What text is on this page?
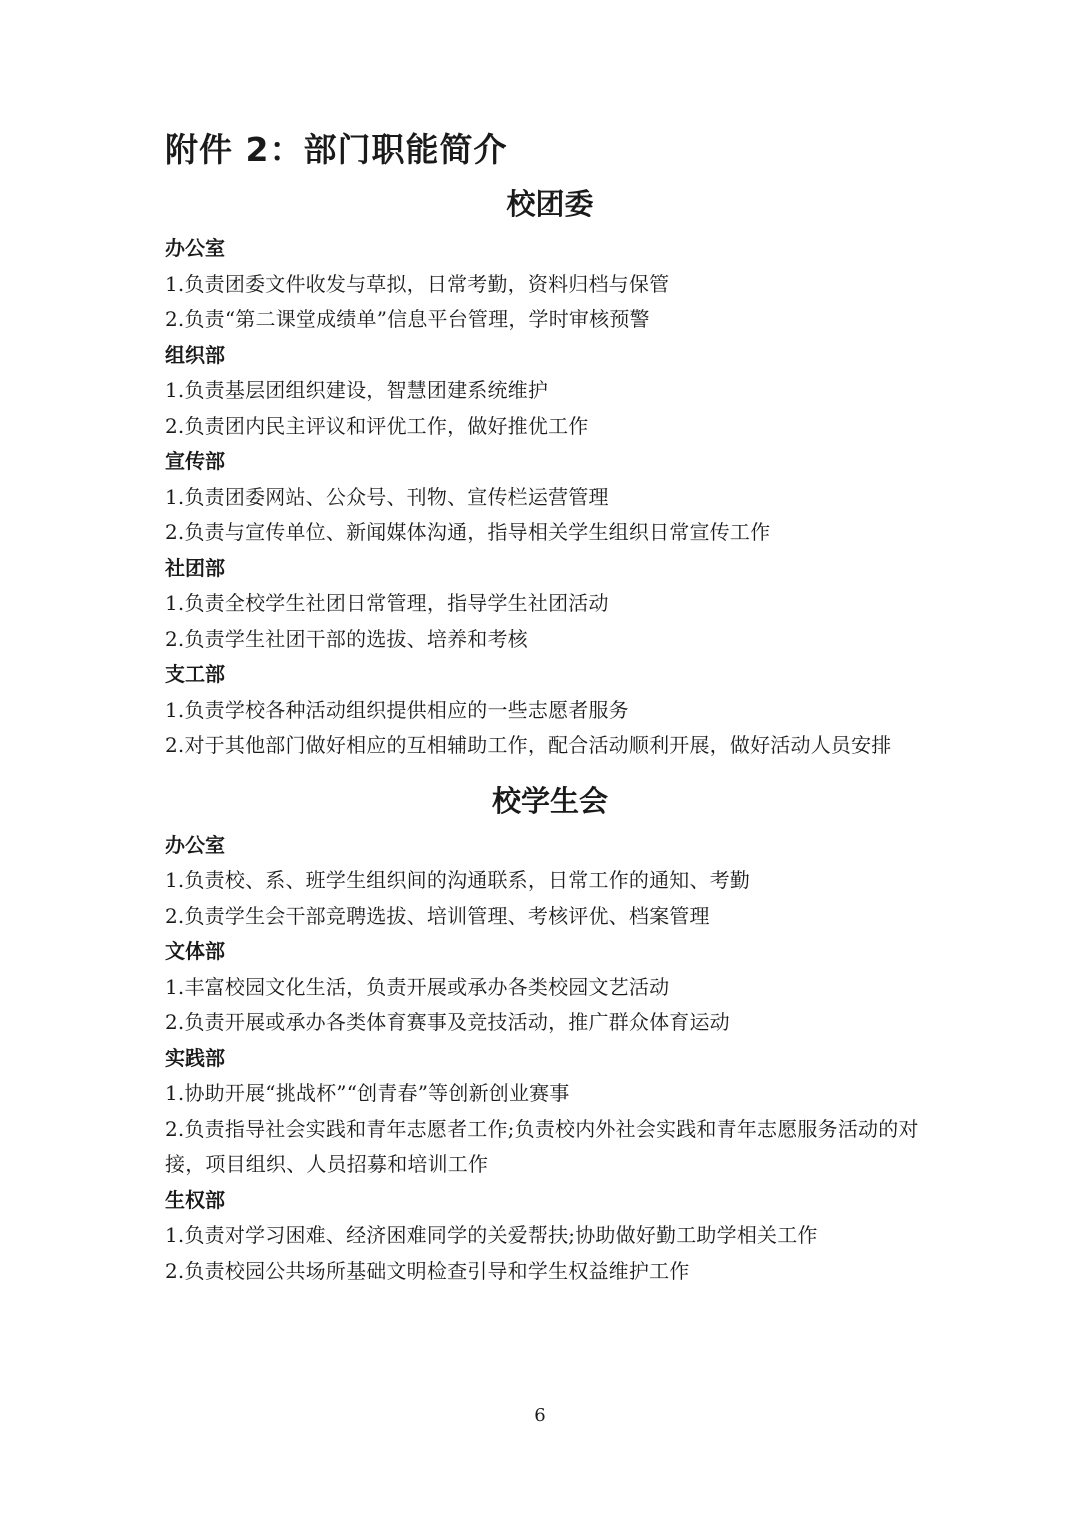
附件 2：部门职能简介
校团委

办公室

1.负责团委文件收发与草拟，日常考勤，资料归档与保管

2.负责“第二课堂成绩单”信息平台管理，学时审核预警

组织部

1.负责基层团组织建设，智慧团建系统维护

2.负责团内民主评议和评优工作，做好推优工作

宣传部

1.负责团委网站、公众号、刊物、宣传栏运营管理

2.负责与宣传单位、新闻媒体沟通，指导相关学生组织日常宣传工作

社团部

1.负责全校学生社团日常管理，指导学生社团活动

2.负责学生社团干部的选拔、培养和考核

支工部

1.负责学校各种活动组织提供相应的一些志愿者服务

2.对于其他部门做好相应的互相辅助工作，配合活动顺利开展，做好活动人员安排

校学生会

办公室

1.负责校、系、班学生组织间的沟通联系，日常工作的通知、考勤

2.负责学生会干部竞聘选拔、培训管理、考核评优、档案管理

文体部

1.丰富校园文化生活，负责开展或承办各类校园文艺活动

2.负责开展或承办各类体育赛事及竞技活动，推广群众体育运动

实践部

1.协助开展“挑战杯”“创青春”等创新创业赛事

2.负责指导社会实践和青年志愿者工作;负责校内外社会实践和青年志愿服务活动的对接，项目组织、人员招募和培训工作

生权部

1.负责对学习困难、经济困难同学的关爱帮扶;协助做好勤工助学相关工作

2.负责校园公共场所基础文明检查引导和学生权益维护工作

6
